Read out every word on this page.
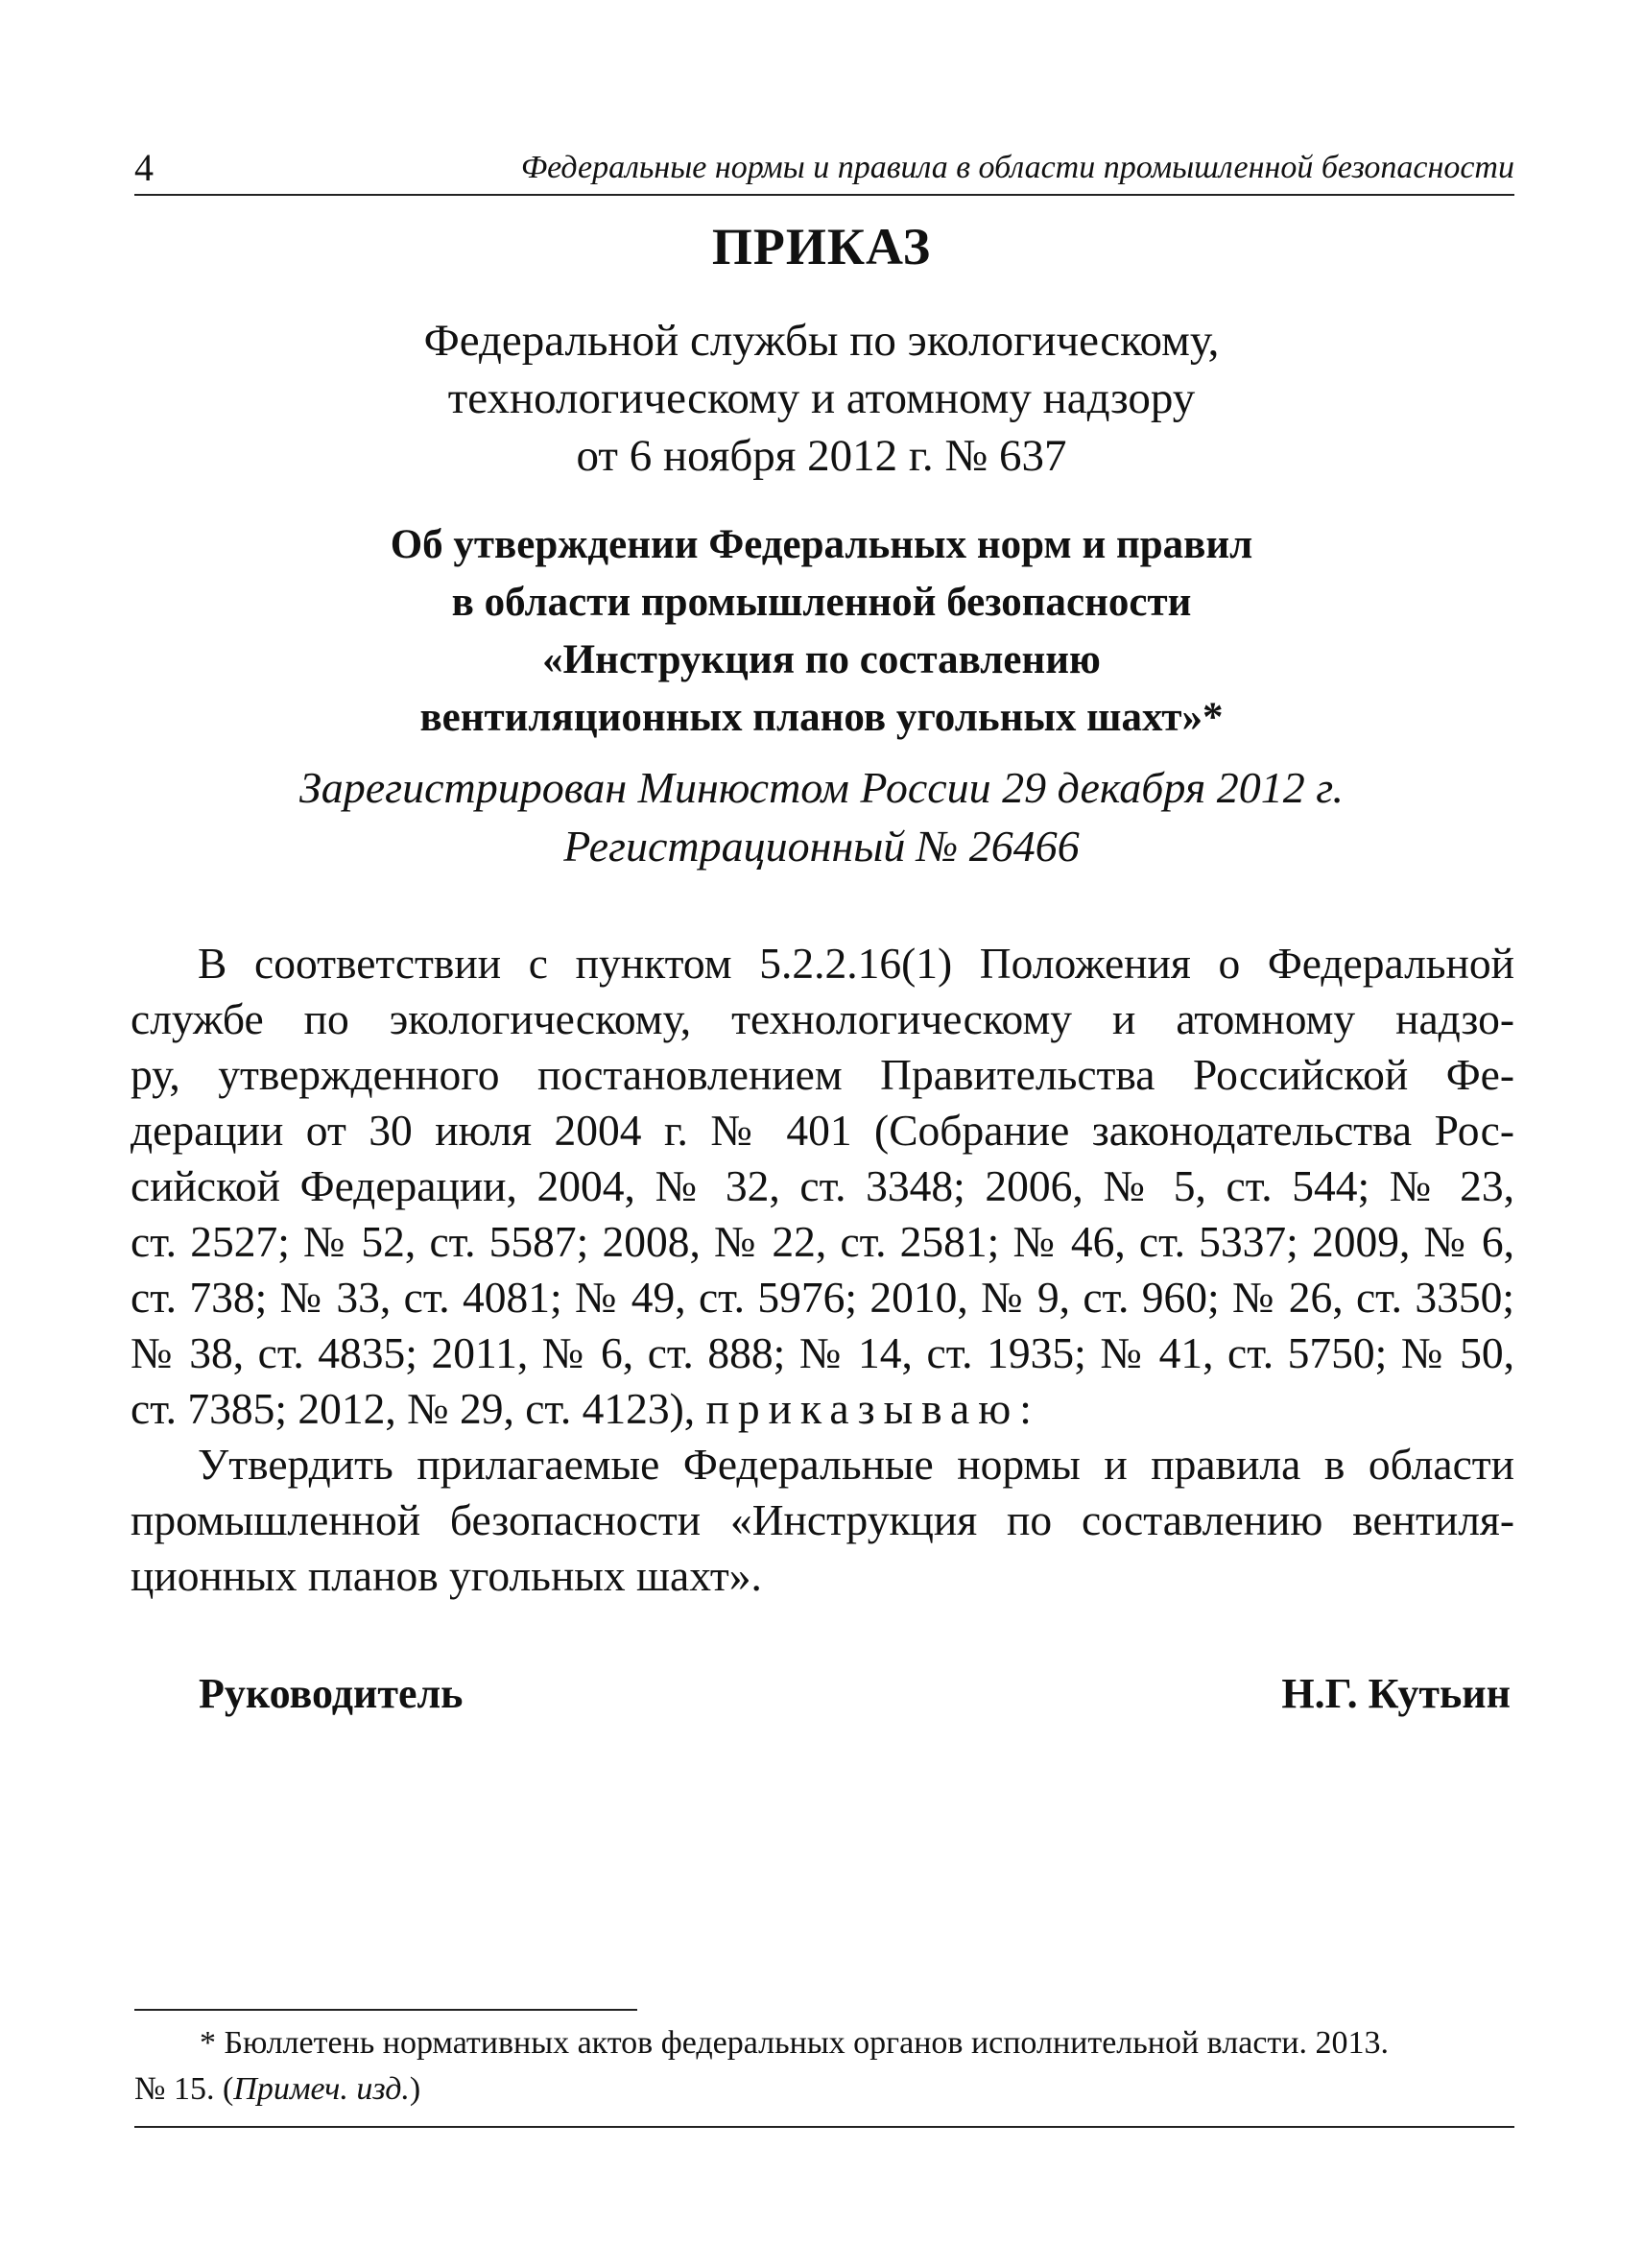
4	Федеральные нормы и правила в области промышленной безопасности
ПРИКАЗ
Федеральной службы по экологическому,
технологическому и атомному надзору
от 6 ноября 2012 г. № 637
Об утверждении Федеральных норм и правил
в области промышленной безопасности
«Инструкция по составлению
вентиляционных планов угольных шахт»*
Зарегистрирован Минюстом России 29 декабря 2012 г.
Регистрационный № 26466
В соответствии с пунктом 5.2.2.16(1) Положения о Федеральной
службе по экологическому, технологическому и атомному надзо-
ру, утвержденного постановлением Правительства Российской Фе-
дерации от 30 июля 2004 г. № 401 (Собрание законодательства Рос-
сийской Федерации, 2004, № 32, ст. 3348; 2006, № 5, ст. 544; № 23,
ст. 2527; № 52, ст. 5587; 2008, № 22, ст. 2581; № 46, ст. 5337; 2009, № 6,
ст. 738; № 33, ст. 4081; № 49, ст. 5976; 2010, № 9, ст. 960; № 26, ст. 3350;
№ 38, ст. 4835; 2011, № 6, ст. 888; № 14, ст. 1935; № 41, ст. 5750; № 50,
ст. 7385; 2012, № 29, ст. 4123), приказываю:
Утвердить прилагаемые Федеральные нормы и правила в области
промышленной безопасности «Инструкция по составлению вентиля-
ционных планов угольных шахт».
Руководитель	Н.Г. Кутьин
* Бюллетень нормативных актов федеральных органов исполнительной власти. 2013.
№ 15. (Примеч. изд.)
